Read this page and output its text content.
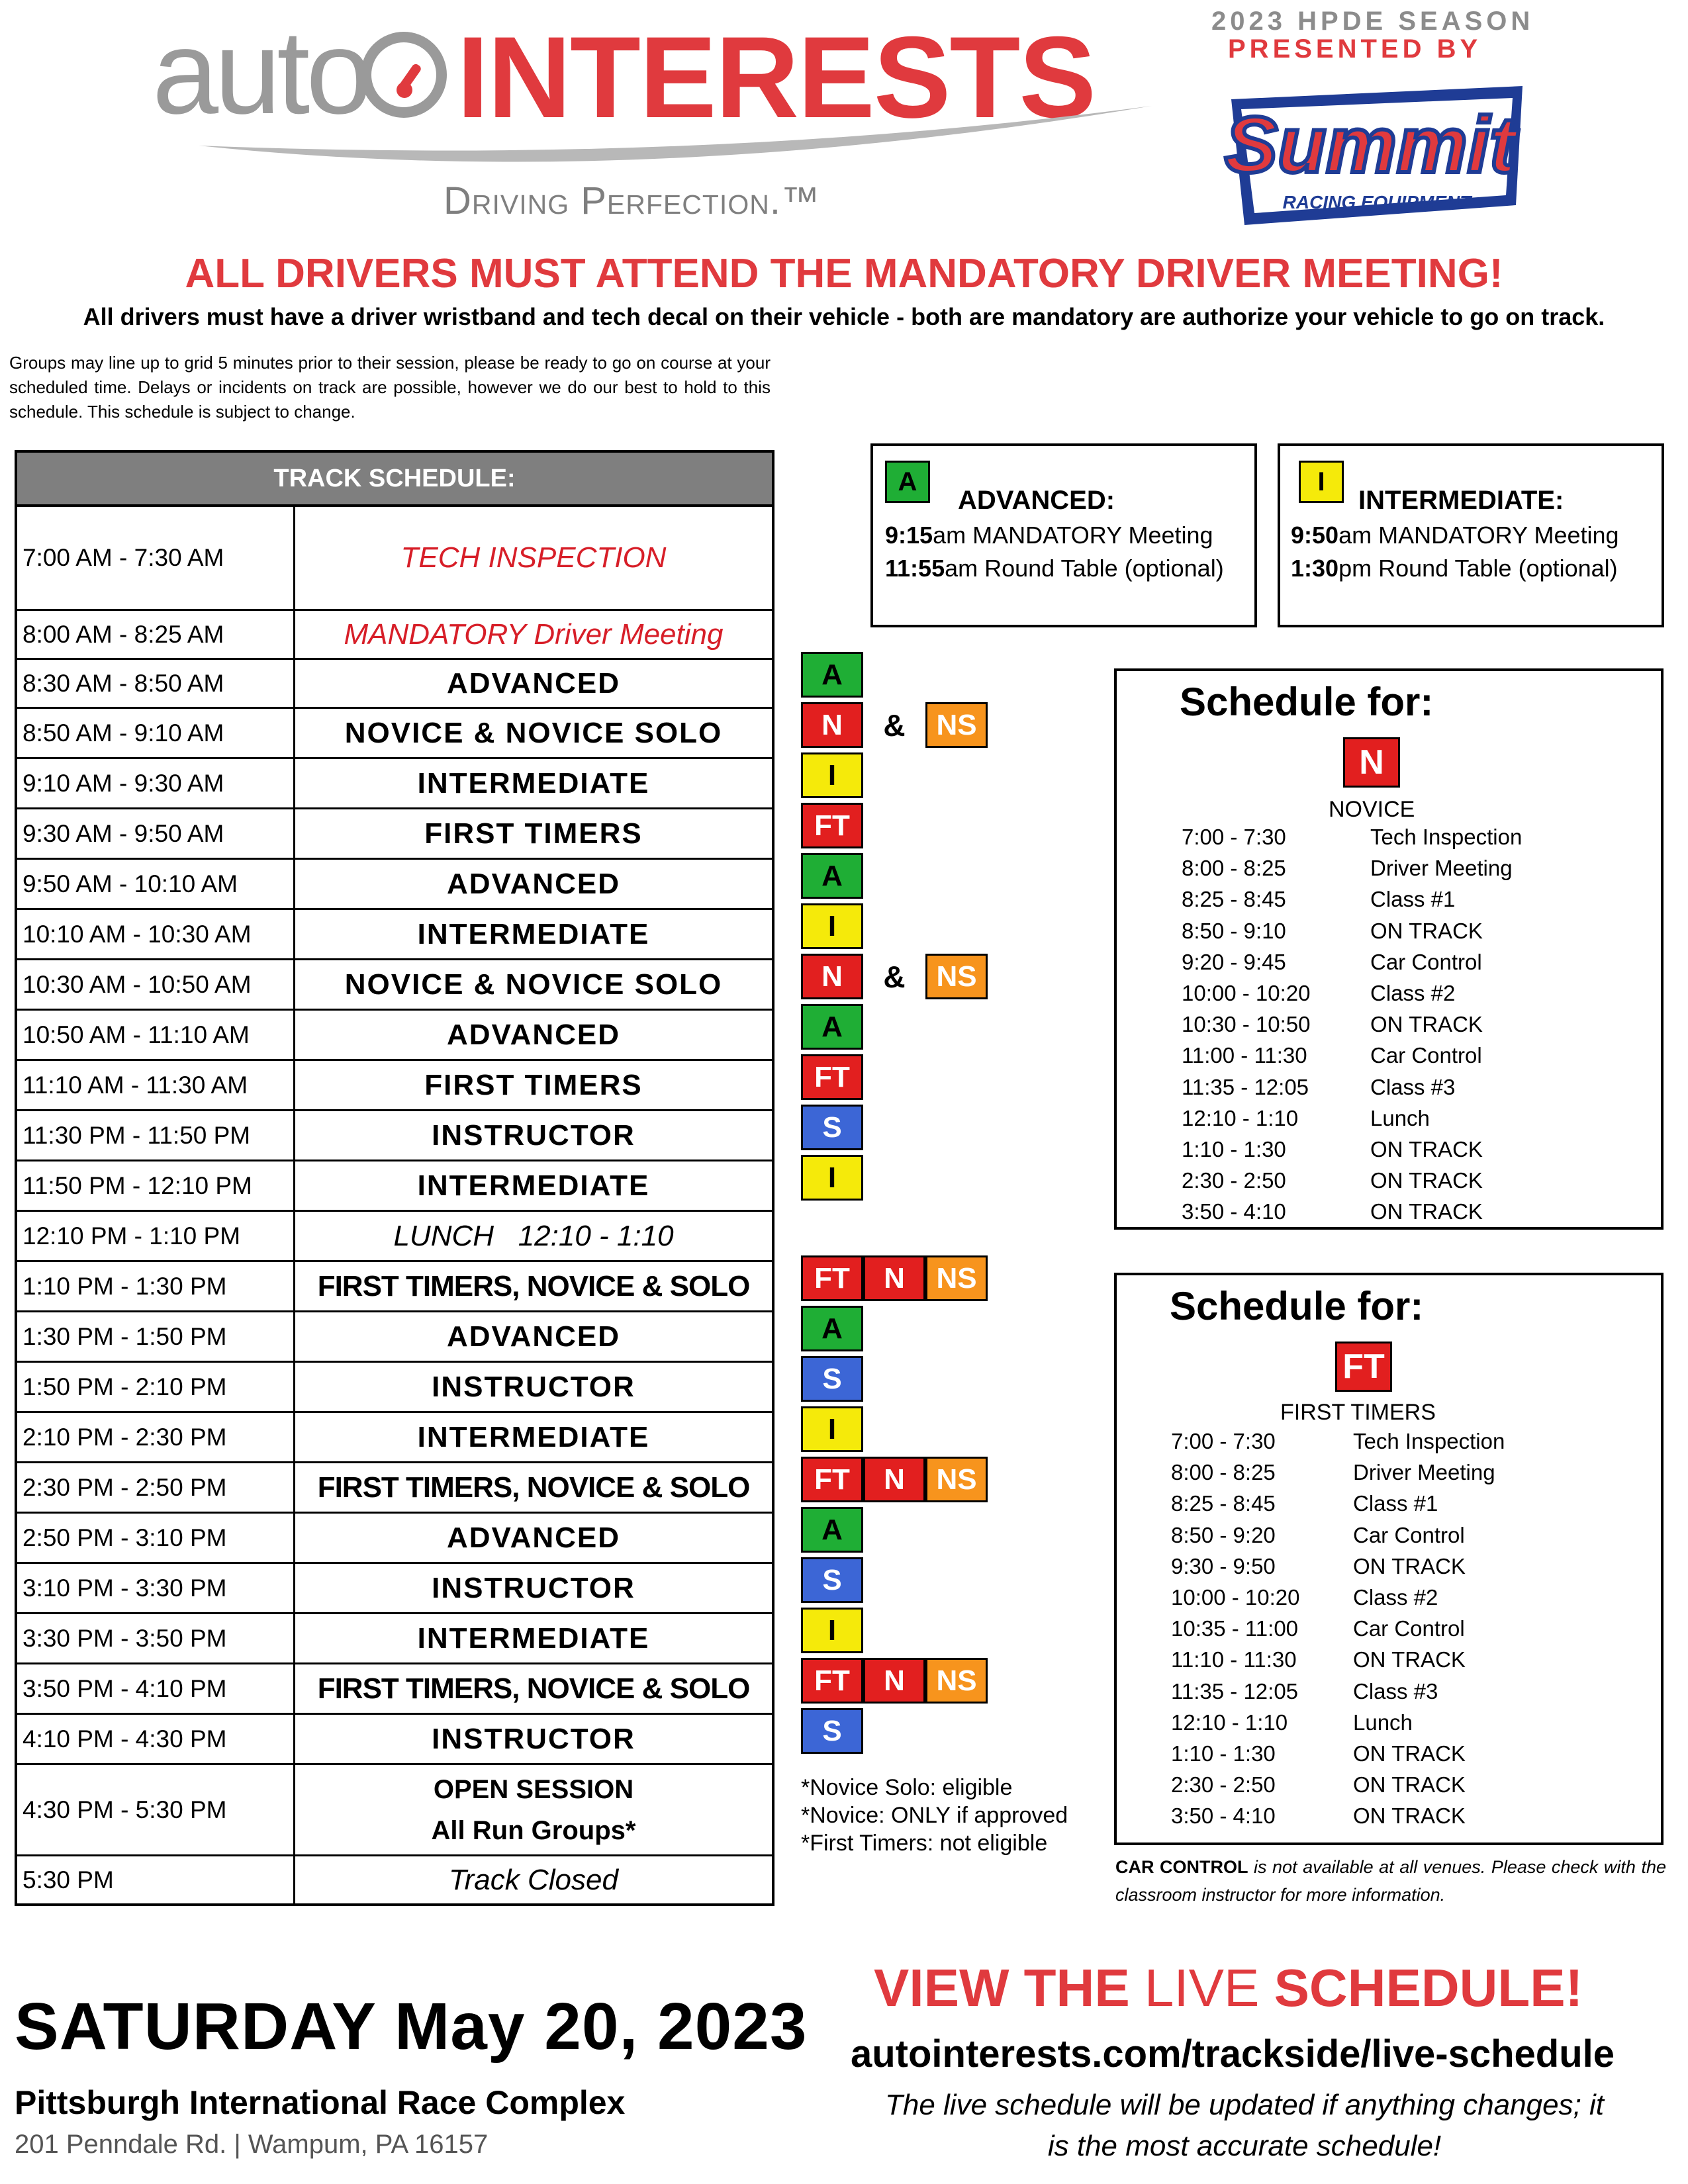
auto INTERESTS
Driving Perfection.™
2023 HPDE SEASON
PRESENTED BY
Summit
RACING EQUIPMENT
ALL DRIVERS MUST ATTEND THE MANDATORY DRIVER MEETING!
All drivers must have a driver wristband and tech decal on their vehicle - both are mandatory are authorize your vehicle to go on track.
Groups may line up to grid 5 minutes prior to their session, please be ready to go on course at your scheduled time. Delays or incidents on track are possible, however we do our best to hold to this schedule. This schedule is subject to change.
TRACK SCHEDULE:
7:00 AM - 7:30 AM	TECH INSPECTION
8:00 AM - 8:25 AM	MANDATORY Driver Meeting
8:30 AM - 8:50 AM	ADVANCED
8:50 AM - 9:10 AM	NOVICE & NOVICE SOLO
9:10 AM - 9:30 AM	INTERMEDIATE
9:30 AM - 9:50 AM	FIRST TIMERS
9:50 AM - 10:10 AM	ADVANCED
10:10 AM - 10:30 AM	INTERMEDIATE
10:30 AM - 10:50 AM	NOVICE & NOVICE SOLO
10:50 AM - 11:10 AM	ADVANCED
11:10 AM - 11:30 AM	FIRST TIMERS
11:30 PM - 11:50 PM	INSTRUCTOR
11:50 PM - 12:10 PM	INTERMEDIATE
12:10 PM - 1:10 PM	LUNCH   12:10 - 1:10
1:10 PM - 1:30 PM	FIRST TIMERS, NOVICE & SOLO
1:30 PM - 1:50 PM	ADVANCED
1:50 PM - 2:10 PM	INSTRUCTOR
2:10 PM - 2:30 PM	INTERMEDIATE
2:30 PM - 2:50 PM	FIRST TIMERS, NOVICE & SOLO
2:50 PM - 3:10 PM	ADVANCED
3:10 PM - 3:30 PM	INSTRUCTOR
3:30 PM - 3:50 PM	INTERMEDIATE
3:50 PM - 4:10 PM	FIRST TIMERS, NOVICE & SOLO
4:10 PM - 4:30 PM	INSTRUCTOR
4:30 PM - 5:30 PM
OPEN SESSION
All Run Groups*
5:30 PM	Track Closed
A
N	&	NS
I
FT
A
I
N	&	NS
A
FT
S
I
FT	N	NS
A
S
I
FT	N	NS
A
S
I
FT	N	NS
S
*Novice Solo: eligible
*Novice: ONLY if approved
*First Timers: not eligible
A
ADVANCED:
9:15am MANDATORY Meeting
11:55am Round Table (optional)
I
INTERMEDIATE:
9:50am MANDATORY Meeting
1:30pm Round Table (optional)
Schedule for:
N
NOVICE
7:00 - 7:30	Tech Inspection
8:00 - 8:25	Driver Meeting
8:25 - 8:45	Class #1
8:50 - 9:10	ON TRACK
9:20 - 9:45	Car Control
10:00 - 10:20	Class #2
10:30 - 10:50	ON TRACK
11:00 - 11:30	Car Control
11:35 - 12:05	Class #3
12:10 - 1:10	Lunch
1:10 - 1:30	ON TRACK
2:30 - 2:50	ON TRACK
3:50 - 4:10	ON TRACK
Schedule for:
FT
FIRST TIMERS
7:00 - 7:30	Tech Inspection
8:00 - 8:25	Driver Meeting
8:25 - 8:45	Class #1
8:50 - 9:20	Car Control
9:30 - 9:50	ON TRACK
10:00 - 10:20	Class #2
10:35 - 11:00	Car Control
11:10 - 11:30	ON TRACK
11:35 - 12:05	Class #3
12:10 - 1:10	Lunch
1:10 - 1:30	ON TRACK
2:30 - 2:50	ON TRACK
3:50 - 4:10	ON TRACK
CAR CONTROL is not available at all venues. Please check with the classroom instructor for more information.
SATURDAY May 20, 2023
Pittsburgh International Race Complex
201 Penndale Rd. | Wampum, PA 16157
VIEW THE LIVE SCHEDULE!
autointerests.com/trackside/live-schedule
The live schedule will be updated if anything changes; it is the most accurate schedule!
